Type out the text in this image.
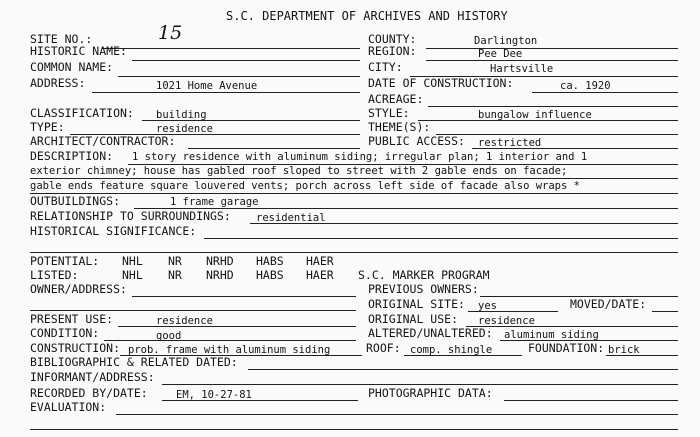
S.C. DEPARTMENT OF ARCHIVES AND HISTORY
SITE NO.:	15	COUNTY:	Darlington
HISTORIC NAME:	REGION:	Pee Dee
COMMON NAME:	CITY:	Hartsville
ADDRESS:	1021 Home Avenue	DATE OF CONSTRUCTION:	ca. 1920
ACREAGE:
CLASSIFICATION: building	STYLE:	bungalow influence
TYPE:	residence	THEME(S):
ARCHITECT/CONTRACTOR:	PUBLIC ACCESS: restricted
DESCRIPTION: 1 story residence with aluminum siding; irregular plan; 1 interior and 1
exterior chimney; house has gabled roof sloped to street with 2 gable ends on facade;
gable ends feature square louvered vents; porch across left side of facade also wraps *
OUTBUILDINGS:	1 frame garage
RELATIONSHIP TO SURROUNDINGS: residential
HISTORICAL SIGNIFICANCE:
POTENTIAL: NHL NR NRHD HABS HAER
LISTED:	NHL NR NRHD HABS HAER S.C. MARKER PROGRAM
OWNER/ADDRESS:	PREVIOUS OWNERS:
ORIGINAL SITE: yes	MOVED/DATE:
PRESENT USE:	residence	ORIGINAL USE: residence
CONDITION:	good	ALTERED/UNALTERED: aluminum siding
CONSTRUCTION: prob. frame with aluminum siding	ROOF: comp. shingle	FOUNDATION: brick
BIBLIOGRAPHIC & RELATED DATED:
INFORMANT/ADDRESS:
RECORDED BY/DATE:	EM, 10-27-81	PHOTOGRAPHIC DATA:
EVALUATION:
